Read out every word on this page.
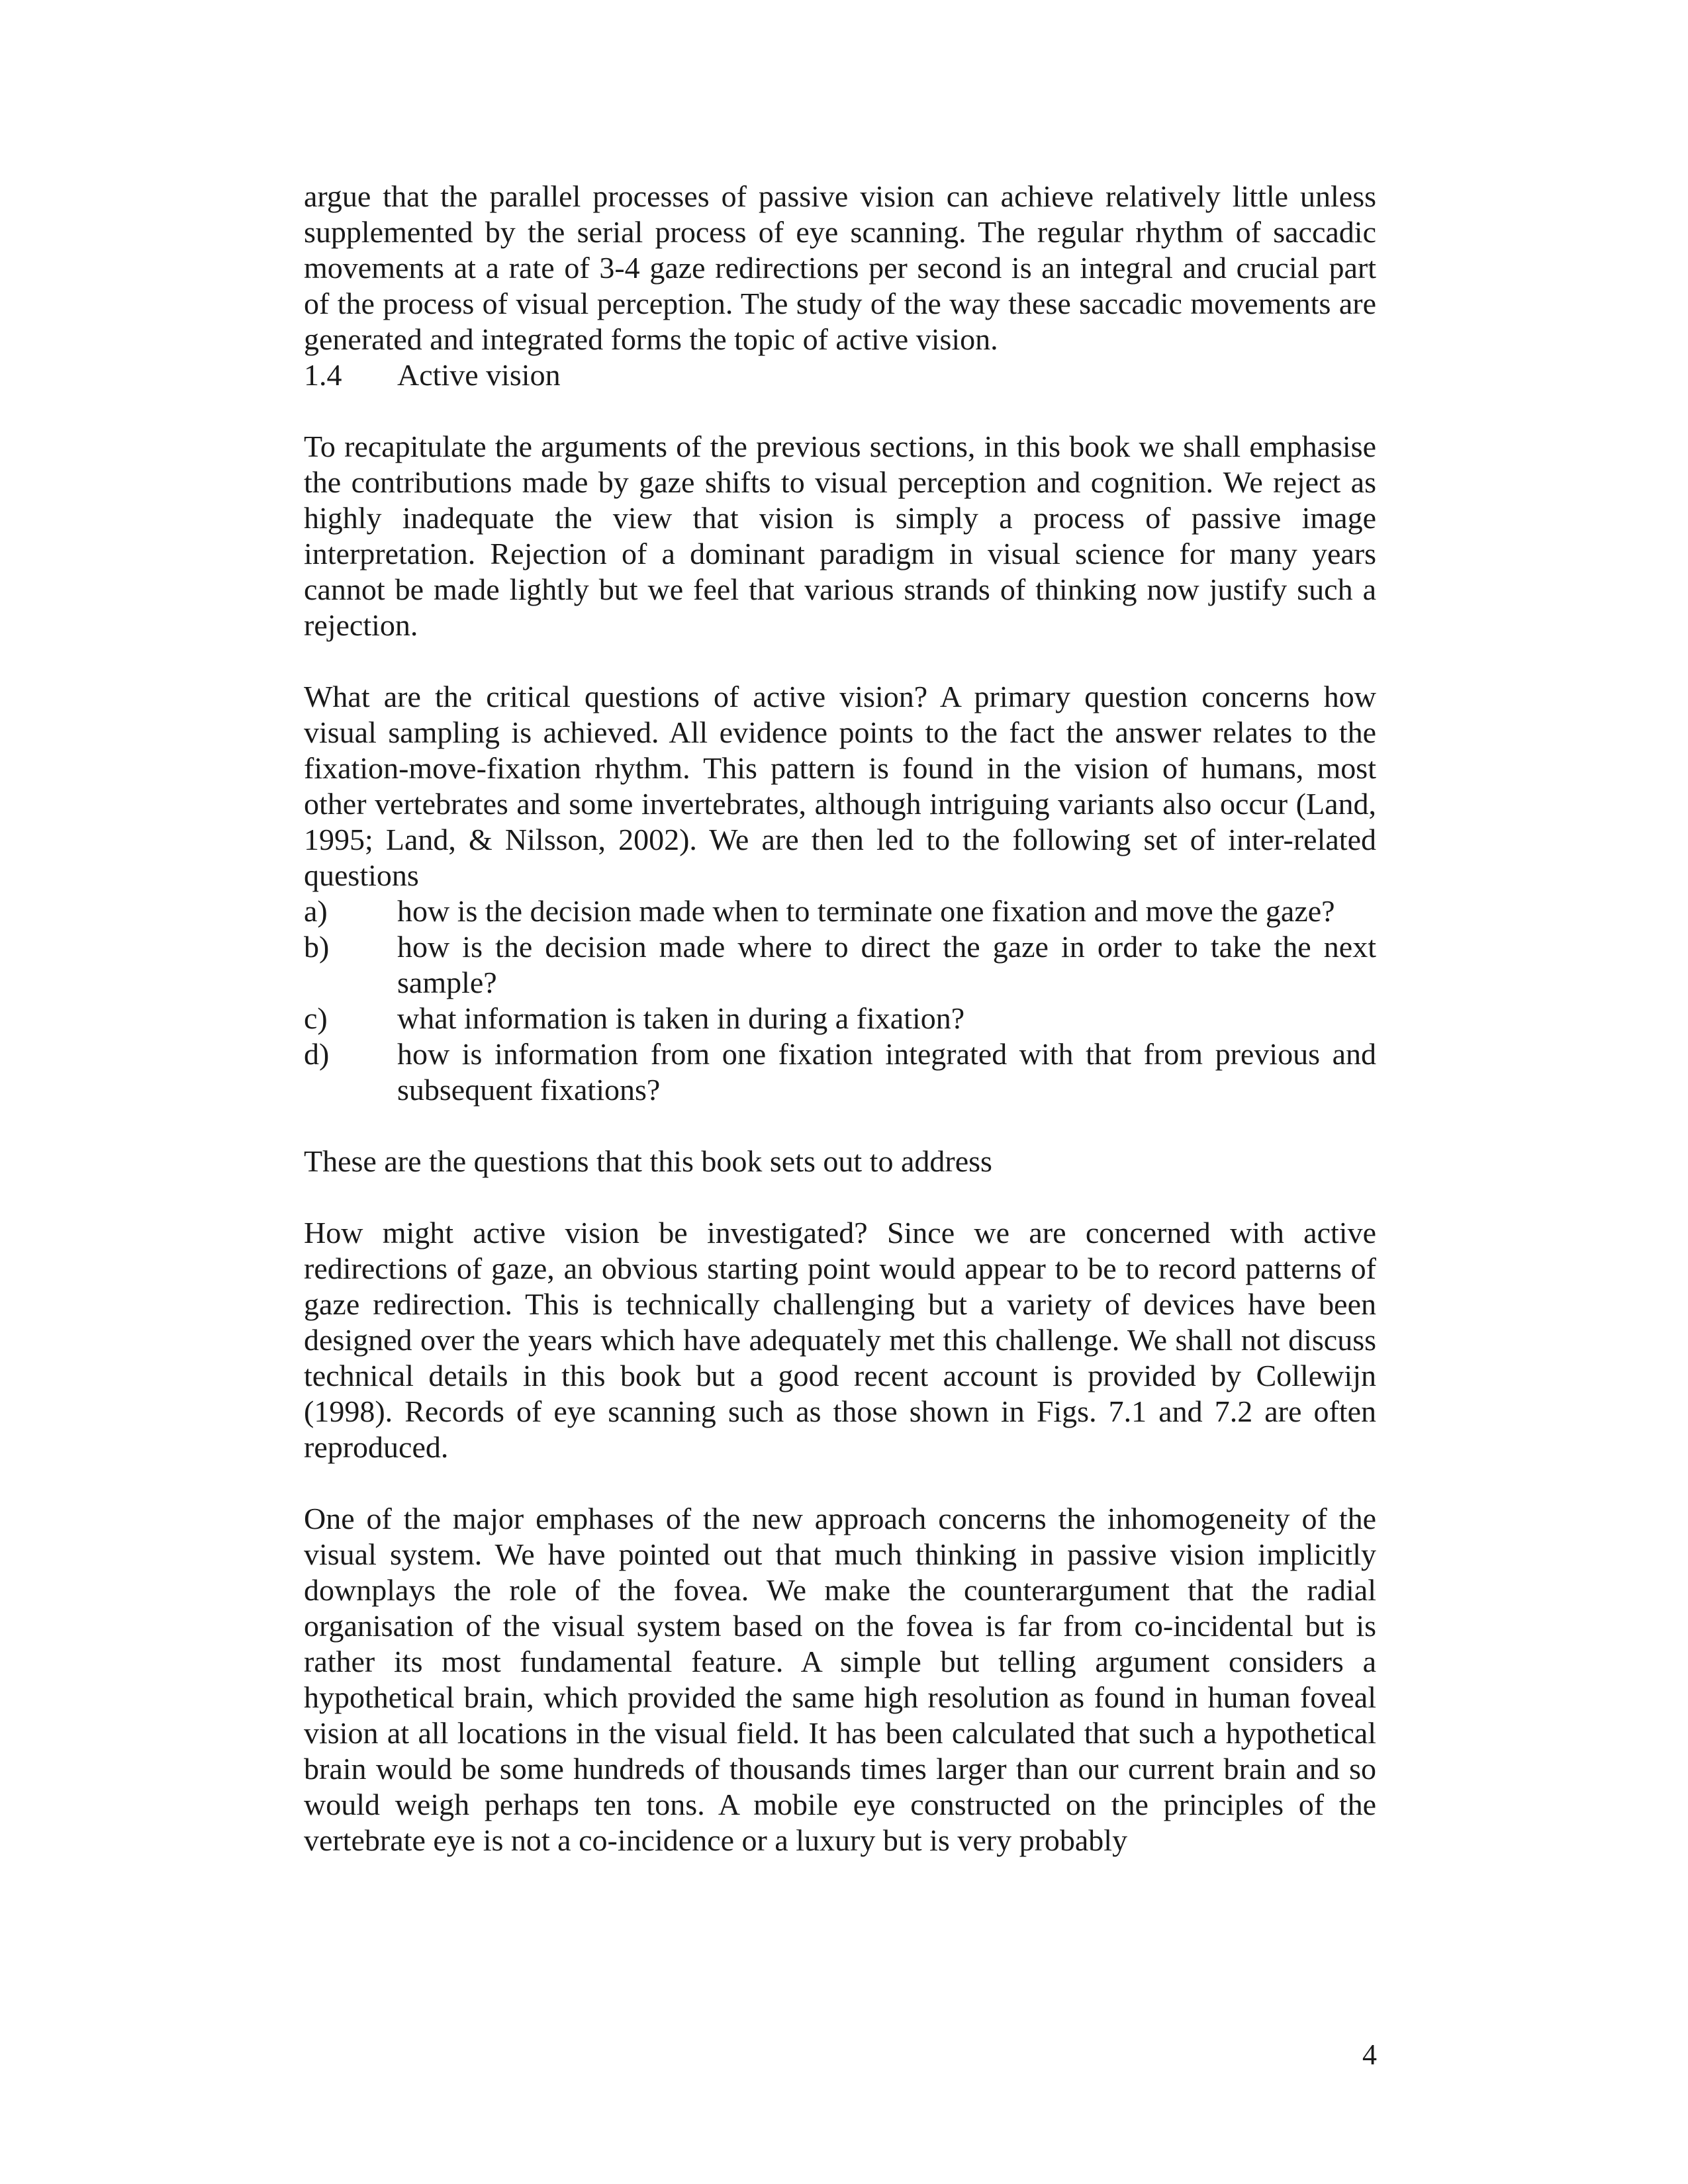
argue that the parallel processes of passive vision can achieve relatively little unless supplemented by the serial process of eye scanning. The regular rhythm of saccadic movements at a rate of 3-4 gaze redirections per second is an integral and crucial part of the process of visual perception. The study of the way these saccadic movements are generated and integrated forms the topic of active vision.

1.4	Active vision

To recapitulate the arguments of the previous sections, in this book we shall emphasise the contributions made by gaze shifts to visual perception and cognition. We reject as highly inadequate the view that vision is simply a process of passive image interpretation. Rejection of a dominant paradigm in visual science for many years cannot be made lightly but we feel that various strands of thinking now justify such a rejection.

What are the critical questions of active vision? A primary question concerns how visual sampling is achieved. All evidence points to the fact the answer relates to the fixation-move-fixation rhythm. This pattern is found in the vision of humans, most other vertebrates and some invertebrates, although intriguing variants also occur (Land, 1995; Land, & Nilsson, 2002). We are then led to the following set of inter-related questions

a)	how is the decision made when to terminate one fixation and move the gaze?
b)	how is the decision made where to direct the gaze in order to take the next sample?
c)	what information is taken in during a fixation?
d)	how is information from one fixation integrated with that from previous and subsequent fixations?

These are the questions that this book sets out to address

How might active vision be investigated? Since we are concerned with active redirections of gaze, an obvious starting point would appear to be to record patterns of gaze redirection. This is technically challenging but a variety of devices have been designed over the years which have adequately met this challenge. We shall not discuss technical details in this book but a good recent account is provided by Collewijn (1998). Records of eye scanning such as those shown in Figs. 7.1 and 7.2 are often reproduced.

One of the major emphases of the new approach concerns the inhomogeneity of the visual system. We have pointed out that much thinking in passive vision implicitly downplays the role of the fovea. We make the counterargument that the radial organisation of the visual system based on the fovea is far from co-incidental but is rather its most fundamental feature. A simple but telling argument considers a hypothetical brain, which provided the same high resolution as found in human foveal vision at all locations in the visual field. It has been calculated that such a hypothetical brain would be some hundreds of thousands times larger than our current brain and so would weigh perhaps ten tons. A mobile eye constructed on the principles of the vertebrate eye is not a co-incidence or a luxury but is very probably

4
